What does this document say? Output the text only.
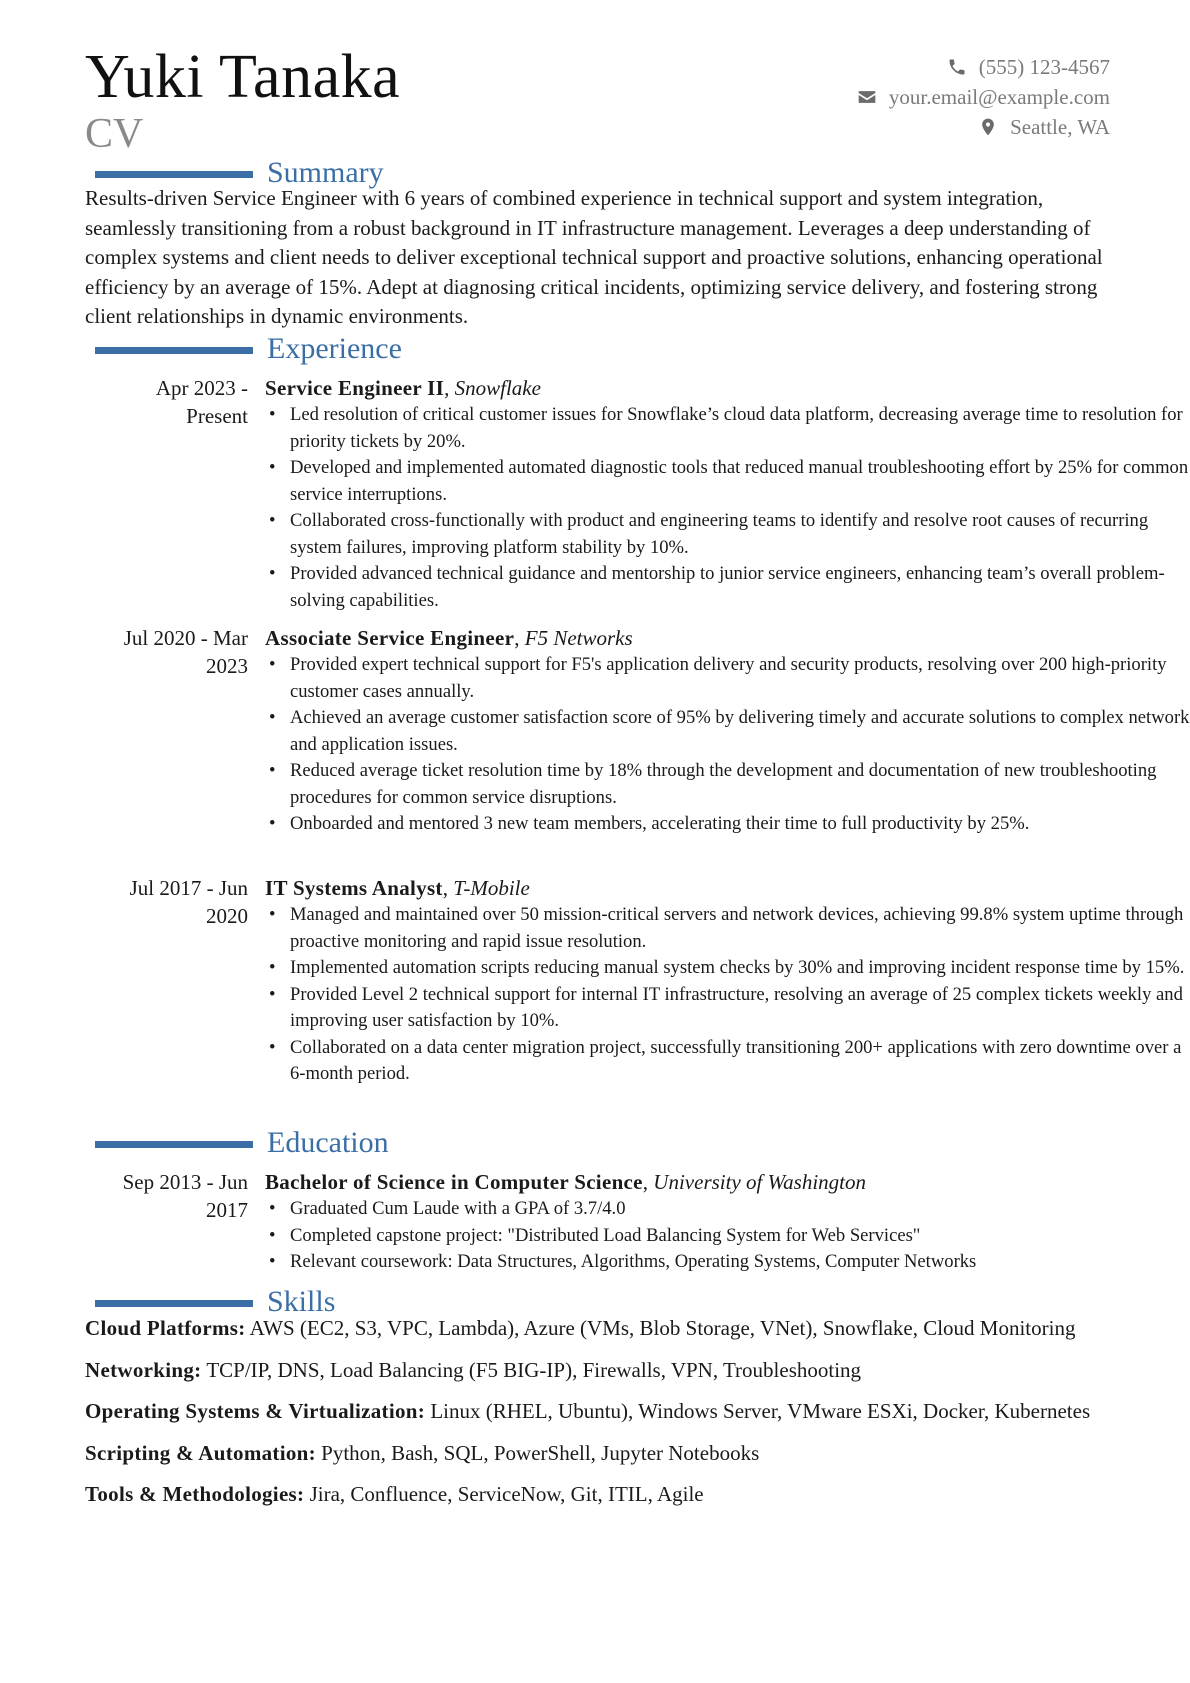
Yuki Tanaka
CV
(555) 123-4567
your.email@example.com
Seattle, WA
Summary
Results-driven Service Engineer with 6 years of combined experience in technical support and system integration, seamlessly transitioning from a robust background in IT infrastructure management. Leverages a deep understanding of complex systems and client needs to deliver exceptional technical support and proactive solutions, enhancing operational efficiency by an average of 15%. Adept at diagnosing critical incidents, optimizing service delivery, and fostering strong client relationships in dynamic environments.
Experience
Apr 2023 -
Present
Service Engineer II, Snowflake
• Led resolution of critical customer issues for Snowflake’s cloud data platform, decreasing average time to resolution for priority tickets by 20%.
• Developed and implemented automated diagnostic tools that reduced manual troubleshooting effort by 25% for common service interruptions.
• Collaborated cross-functionally with product and engineering teams to identify and resolve root causes of recurring system failures, improving platform stability by 10%.
• Provided advanced technical guidance and mentorship to junior service engineers, enhancing team’s overall problem-solving capabilities.
Jul 2020 - Mar
2023
Associate Service Engineer, F5 Networks
• Provided expert technical support for F5's application delivery and security products, resolving over 200 high-priority customer cases annually.
• Achieved an average customer satisfaction score of 95% by delivering timely and accurate solutions to complex network and application issues.
• Reduced average ticket resolution time by 18% through the development and documentation of new troubleshooting procedures for common service disruptions.
• Onboarded and mentored 3 new team members, accelerating their time to full productivity by 25%.
Jul 2017 - Jun
2020
IT Systems Analyst, T-Mobile
• Managed and maintained over 50 mission-critical servers and network devices, achieving 99.8% system uptime through proactive monitoring and rapid issue resolution.
• Implemented automation scripts reducing manual system checks by 30% and improving incident response time by 15%.
• Provided Level 2 technical support for internal IT infrastructure, resolving an average of 25 complex tickets weekly and improving user satisfaction by 10%.
• Collaborated on a data center migration project, successfully transitioning 200+ applications with zero downtime over a 6-month period.
Education
Sep 2013 - Jun
2017
Bachelor of Science in Computer Science, University of Washington
• Graduated Cum Laude with a GPA of 3.7/4.0
• Completed capstone project: "Distributed Load Balancing System for Web Services"
• Relevant coursework: Data Structures, Algorithms, Operating Systems, Computer Networks
Skills
Cloud Platforms: AWS (EC2, S3, VPC, Lambda), Azure (VMs, Blob Storage, VNet), Snowflake, Cloud Monitoring
Networking: TCP/IP, DNS, Load Balancing (F5 BIG-IP), Firewalls, VPN, Troubleshooting
Operating Systems & Virtualization: Linux (RHEL, Ubuntu), Windows Server, VMware ESXi, Docker, Kubernetes
Scripting & Automation: Python, Bash, SQL, PowerShell, Jupyter Notebooks
Tools & Methodologies: Jira, Confluence, ServiceNow, Git, ITIL, Agile
